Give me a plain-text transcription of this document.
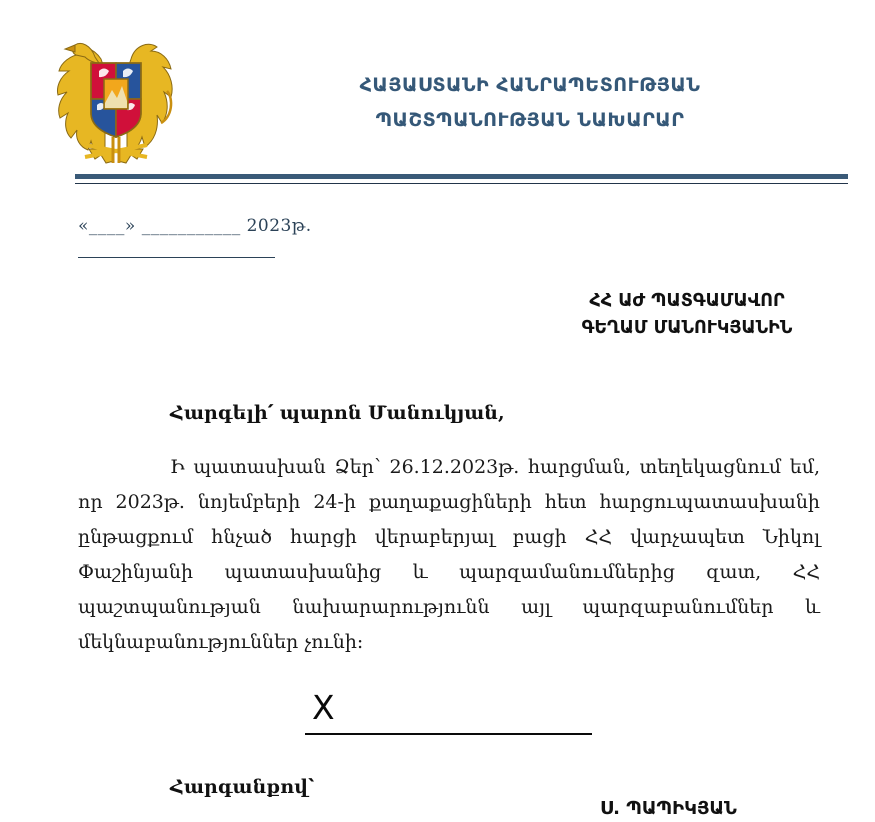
ՀԱՅԱՍՏԱՆԻ ՀԱՆՐԱՊԵՏՈՒԹՅԱՆ
ՊԱՇՏՊԱՆՈՒԹՅԱՆ ՆԱԽԱՐԱՐ
«____» ___________ 2023թ.
ՀՀ ԱԺ ՊԱՏԳԱՄԱՎՈՐ
ԳԵՂԱՄ ՄԱՆՈՒԿՅԱՆԻՆ
Հարգելի՛ պարոն Մանուկյան,
Ի պատասխան Ձեր՝ 26.12.2023թ. հարցման, տեղեկացնում եմ, որ 2023թ. նոյեմբերի 24-ի քաղաքացիների հետ հարցուպատասխանի ընթացքում հնչած հարցի վերաբերյալ բացի ՀՀ վարչապետ Նիկոլ Փաշինյանի պատասխանից և պարզամանումներից զատ, ՀՀ պաշտպանության նախարարությունն այլ պարզաբանումներ և մեկնաբանություններ չունի:
X
Հարգանքով՝
Ս. ՊԱՊԻԿՅԱՆ
